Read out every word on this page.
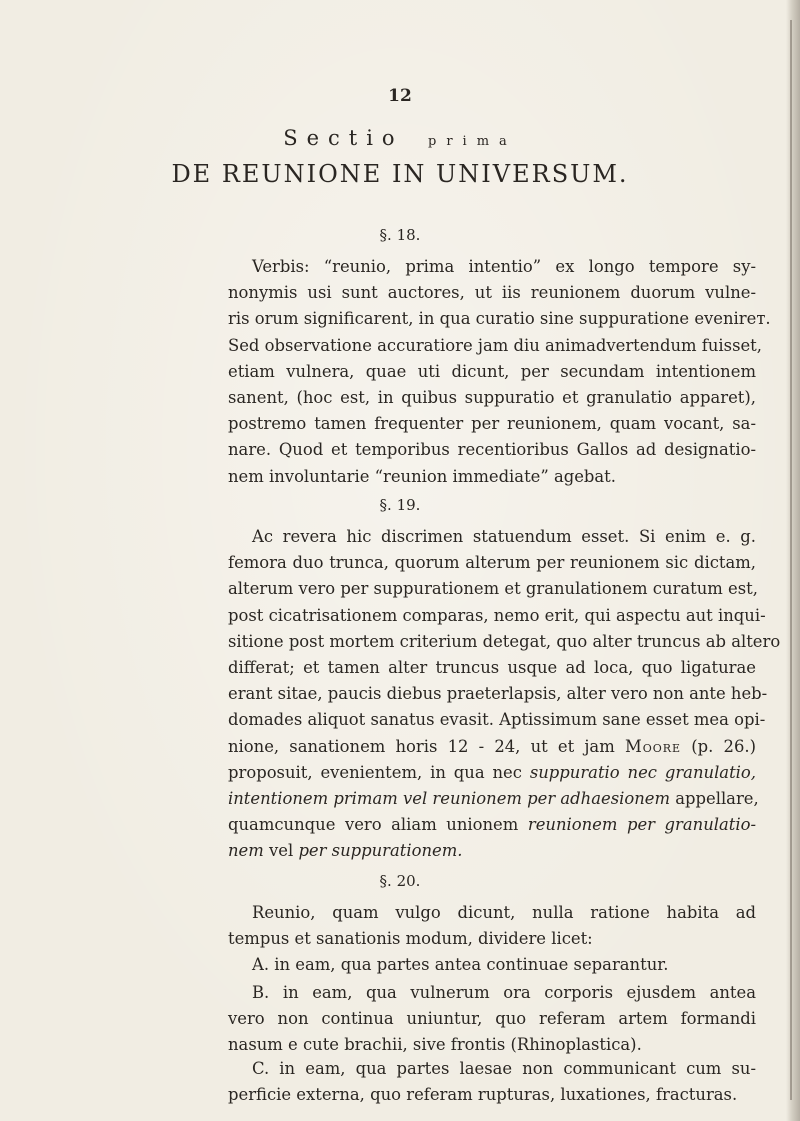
12
Sectio prima
DE REUNIONE IN UNIVERSUM.
§. 18.
Verbis: “reunio, prima intentio” ex longo tempore sy-
nonymis usi sunt auctores, ut iis reunionem duorum vulne-
ris orum significarent, in qua curatio sine suppuratione evenirет.
Sed observatione accuratiore jam diu animadvertendum fuisset,
etiam vulnera, quae uti dicunt, per secundam intentionem
sanent, (hoc est, in quibus suppuratio et granulatio apparet),
postremo tamen frequenter per reunionem, quam vocant, sa-
nare. Quod et temporibus recentioribus Gallos ad designatio-
nem involuntarie “reunion immediate” agebat.
§. 19.
Ac revera hic discrimen statuendum esset. Si enim e. g.
femora duo trunca, quorum alterum per reunionem sic dictam,
alterum vero per suppurationem et granulationem curatum est,
post cicatrisationem comparas, nemo erit, qui aspectu aut inqui-
sitione post mortem criterium detegat, quo alter truncus ab altero
differat; et tamen alter truncus usque ad loca, quo ligaturae
erant sitae, paucis diebus praeterlapsis, alter vero non ante heb-
domades aliquot sanatus evasit. Aptissimum sane esset mea opi-
nione, sanationem horis 12 - 24, ut et jam Moore (p. 26.)
proposuit, evenientem, in qua nec suppuratio nec granulatio,
intentionem primam vel reunionem per adhaesionem appellare,
quamcunque vero aliam unionem reunionem per granulatio-
nem vel per suppurationem.
§. 20.
Reunio, quam vulgo dicunt, nulla ratione habita ad
tempus et sanationis modum, dividere licet:
A. in eam, qua partes antea continuae separantur.
B. in eam, qua vulnerum ora corporis ejusdem antea
vero non continua uniuntur, quo referam artem formandi
nasum e cute brachii, sive frontis (Rhinoplastica).
C. in eam, qua partes laesae non communicant cum su-
perficie externa, quo referam rupturas, luxationes, fracturas.
